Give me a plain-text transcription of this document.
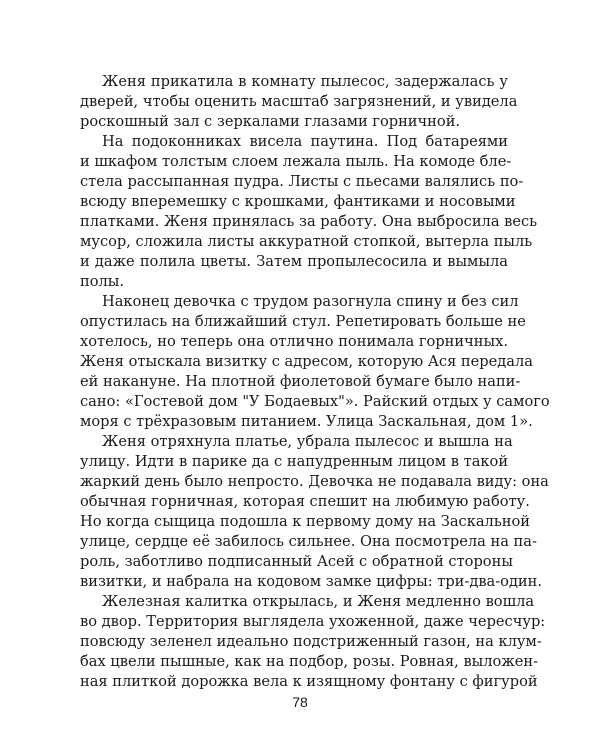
Женя прикатила в комнату пылесос, задержалась у
дверей, чтобы оценить масштаб загрязнений, и увидела
роскошный зал с зеркалами глазами горничной.
На подоконниках висела паутина. Под батареями
и шкафом толстым слоем лежала пыль. На комоде бле-
стела рассыпанная пудра. Листы с пьесами валялись по-
всюду вперемешку с крошками, фантиками и носовыми
платками. Женя принялась за работу. Она выбросила весь
мусор, сложила листы аккуратной стопкой, вытерла пыль
и даже полила цветы. Затем пропылесосила и вымыла
полы.
Наконец девочка с трудом разогнула спину и без сил
опустилась на ближайший стул. Репетировать больше не
хотелось, но теперь она отлично понимала горничных.
Женя отыскала визитку с адресом, которую Ася передала
ей накануне. На плотной фиолетовой бумаге было напи-
сано: «Гостевой дом "У Бодаевых"». Райский отдых у самого
моря с трёхразовым питанием. Улица Заскальная, дом 1».
Женя отряхнула платье, убрала пылесос и вышла на
улицу. Идти в парике да с напудренным лицом в такой
жаркий день было непросто. Девочка не подавала виду: она
обычная горничная, которая спешит на любимую работу.
Но когда сыщица подошла к первому дому на Заскальной
улице, сердце её забилось сильнее. Она посмотрела на па-
роль, заботливо подписанный Асей с обратной стороны
визитки, и набрала на кодовом замке цифры: три-два-один.
Железная калитка открылась, и Женя медленно вошла
во двор. Территория выглядела ухоженной, даже чересчур:
повсюду зеленел идеально подстриженный газон, на клум-
бах цвели пышные, как на подбор, розы. Ровная, выложен-
ная плиткой дорожка вела к изящному фонтану с фигурой
78
